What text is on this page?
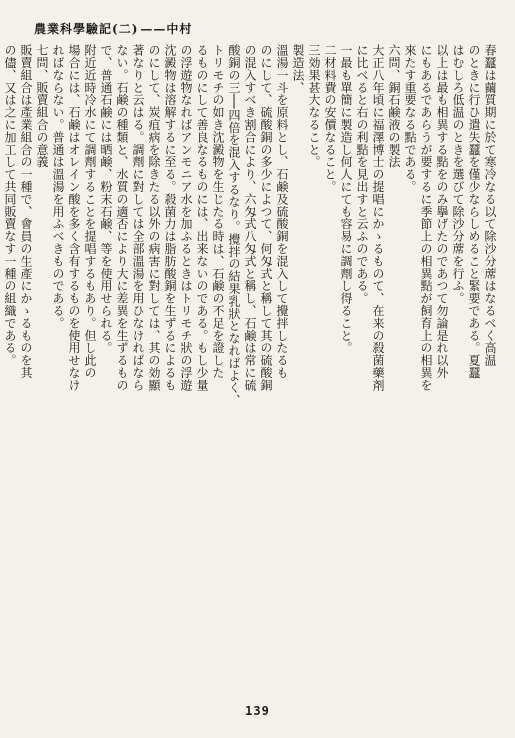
農業科學驗記(二) ——中村
春蠶は繭質期に於て寒冷なる以て除沙分蓆はなるべく高温
のときに行ひ遣失蠶を僅少ならしめること緊要である。夏蠶
はむしろ低温のときを選びて除沙分蓆を行ふ。
以上は最も相異する點をのみ擧げたのであつて勿論是れ以外
にもあるであらうが要するに季節上の相異點が飼育上の相異を
來たす重要なる點である。
六問、銅石鹸液の製法
大正八年頃に福澤博士の提唱にかゝるものて、在来の殺菌藥剤
に比べると右の利點を見出すと云ふのである。
一最も單簡に製造し何人にても容易に調劑し得ること。
二材料費の安價なること。
三効果甚大なること。
製造法、
溫湯一斗を原料とし、石鹸及硫酸銅を混入して攪拌したるも
のにして、硫酸銅の多少によつて、何匁式と稱して其の硫酸銅
の混入すべき割合により、六匁式八匁式と稱し、石鹸は常に硫
酸銅の三──四倍を混入するなり。攪拌の結果乳狀となればよく、
トリモチの如き沈澱物を生じたる時は、石鹸の不足を證した
るものにして善良なるものには、出来ないのである。もし少量
の浮遊物なればアンモニア水を加ふるときはトリモチ狀の浮遊
沈澱物は溶解するに至る。殺菌力は脂肪酸銅を生ずるによるも
のにして、炭疽病を除きたる以外の病害に對しては、其の効顯
著なりと云はる。調劑に對しては全部溫湯を用ひなければなら
ない。石鹸の種類と、水質の適否により大に差異を生ずるもの
で、普通石鹸には晒鹸、粉末石鹸、等を使用せられる。
附近近時冷水にて調劑することを提唱するもあり。但し此の
場合には、石鹸はオレイン酸を多く含有するものを使用せなけ
ればならない。普通は溫湯を用ふべきものである。
七問、販賣組合の意義
販賣組合は產業組合の一種で、會員の生產にかゝるものを其
の儘、又は之に加工して共同販賣なす一種の組織である。
139
